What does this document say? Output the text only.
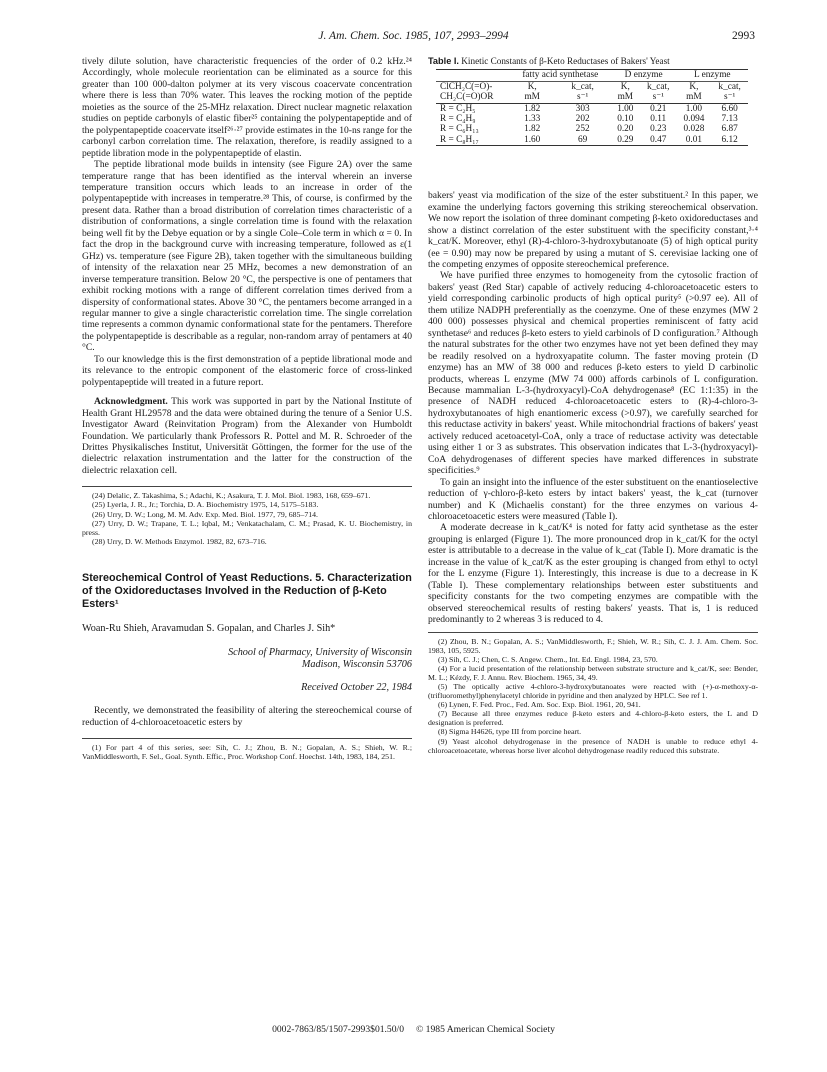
J. Am. Chem. Soc. 1985, 107, 2993–2994	2993

tively dilute solution, have characteristic frequencies of the order of 0.2 kHz.²⁴ Accordingly, whole molecule reorientation can be eliminated as a source for this greater than 100 000-dalton polymer at its very viscous coacervate concentration where there is less than 70% water. This leaves the rocking motion of the peptide moieties as the source of the 25-MHz relaxation. Direct nuclear magnetic relaxation studies on peptide carbonyls of elastic fiber²⁵ containing the polypentapeptide and of the polypentapeptide coacervate itself²⁶·²⁷ provide estimates in the 10-ns range for the carbonyl carbon correlation time. The relaxation, therefore, is readily assigned to a peptide libration mode in the polypentapeptide of elastin.

The peptide librational mode builds in intensity (see Figure 2A) over the same temperature range that has been identified as the interval wherein an inverse temperature transition occurs which leads to an increase in order of the polypentapeptide with increases in temperatre.²⁸ This, of course, is confirmed by the present data. Rather than a broad distribution of correlation times characteristic of a distribution of conformations, a single correlation time is found with the relaxation being well fit by the Debye equation or by a single Cole–Cole term in which α = 0. In fact the drop in the background curve with increasing temperature, followed as ε(1 GHz) vs. temperature (see Figure 2B), taken together with the simultaneous building of intensity of the relaxation near 25 MHz, becomes a new demonstration of an inverse temperature transition. Below 20 °C, the perspective is one of pentamers that exhibit rocking motions with a range of different correlation times derived from a dispersity of conformational states. Above 30 °C, the pentamers become arranged in a regular manner to give a single characteristic correlation time. The single correlation time represents a common dynamic conformational state for the pentamers. Therefore the polypentapeptide is describable as a regular, non-random array of pentamers at 40 °C.

To our knowledge this is the first demonstration of a peptide librational mode and its relevance to the entropic component of the elastomeric force of cross-linked polypentapeptide will treated in a future report.

Acknowledgment. This work was supported in part by the National Institute of Health Grant HL29578 and the data were obtained during the tenure of a Senior U.S. Investigator Award (Reinvitation Program) from the Alexander von Humboldt Foundation. We particularly thank Professors R. Pottel and M. R. Schroeder of the Drittes Physikalisches Institut, Universität Göttingen, the former for the use of the dielectric relaxation instrumentation and the latter for the construction of the dielectric relaxation cell.

(24) Delalic, Z. Takashima, S.; Adachi, K.; Asakura, T. J. Mol. Biol. 1983, 168, 659–671.
(25) Lyerla, J. R., Jr.; Torchia, D. A. Biochemistry 1975, 14, 5175–5183.
(26) Urry, D. W.; Long, M. M. Adv. Exp. Med. Biol. 1977, 79, 685–714.
(27) Urry, D. W.; Trapane, T. L.; Iqbal, M.; Venkatachalam, C. M.; Prasad, K. U. Biochemistry, in press.
(28) Urry, D. W. Methods Enzymol. 1982, 82, 673–716.
Stereochemical Control of Yeast Reductions. 5. Characterization of the Oxidoreductases Involved in the Reduction of β-Keto Esters¹
Woan-Ru Shieh, Aravamudan S. Gopalan, and Charles J. Sih*
School of Pharmacy, University of Wisconsin
Madison, Wisconsin 53706
Received October 22, 1984

Recently, we demonstrated the feasibility of altering the stereochemical course of reduction of 4-chloroacetoacetic esters by

(1) For part 4 of this series, see: Sih, C. J.; Zhou, B. N.; Gopalan, A. S.; Shieh, W. R.; VanMiddlesworth, F. Sel., Goal. Synth. Effic., Proc. Workshop Conf. Hoechst. 14th, 1983, 184, 251.
Table I. Kinetic Constants of β-Keto Reductases of Bakers' Yeast
	fatty acid synthetase		D enzyme		L enzyme	
ClCH₂C(=O)-	K,	k_cat,	K,	k_cat,	K,	k_cat,
CH₂C(=O)OR	mM	s⁻¹	mM	s⁻¹	mM	s⁻¹
R = C₂H₅	1.82	303	1.00	0.21	1.00	6.60
R = C₄H₉	1.33	202	0.10	0.11	0.094	7.13
R = C₆H₁₃	1.82	252	0.20	0.23	0.028	6.87
R = C₈H₁₇	1.60	69	0.29	0.47	0.01	6.12

bakers' yeast via modification of the size of the ester substituent.² In this paper, we examine the underlying factors governing this striking stereochemical observation. We now report the isolation of three dominant competing β-keto oxidoreductases and show a distinct correlation of the ester substituent with the specificity constant,³·⁴ k_cat/K. Moreover, ethyl (R)-4-chloro-3-hydroxybutanoate (5) of high optical purity (ee = 0.90) may now be prepared by using a mutant of S. cerevisiae lacking one of the competing enzymes of opposite stereochemical preference.

We have purified three enzymes to homogeneity from the cytosolic fraction of bakers' yeast (Red Star) capable of actively reducing 4-chloroacetoacetic esters to yield corresponding carbinolic products of high optical purity⁵ (>0.97 ee). All of them utilize NADPH preferentially as the coenzyme. One of these enzymes (MW 2 400 000) possesses physical and chemical properties reminiscent of fatty acid synthetase⁶ and reduces β-keto esters to yield carbinols of D configuration.⁷ Although the natural substrates for the other two enzymes have not yet been defined they may be readily resolved on a hydroxyapatite column. The faster moving protein (D enzyme) has an MW of 38 000 and reduces β-keto esters to yield D carbinolic products, whereas L enzyme (MW 74 000) affords carbinols of L configuration. Because mammalian L-3-(hydroxyacyl)-CoA dehydrogenase⁸ (EC 1:1:35) in the presence of NADH reduced 4-chloroacetoacetic esters to (R)-4-chloro-3-hydroxybutanoates of high enantiomeric excess (>0.97), we carefully searched for this reductase activity in bakers' yeast. While mitochondrial fractions of bakers' yeast actively reduced acetoacetyl-CoA, only a trace of reductase activity was detectable using either 1 or 3 as substrates. This observation indicates that L-3-(hydroxyacyl)-CoA dehydrogenases of different species have marked differences in substrate specificities.⁹

To gain an insight into the influence of the ester substituent on the enantioselective reduction of γ-chloro-β-keto esters by intact bakers' yeast, the k_cat (turnover number) and K (Michaelis constant) for the three enzymes on various 4-chloroacetoacetic esters were measured (Table I).

A moderate decrease in k_cat/K⁴ is noted for fatty acid synthetase as the ester grouping is enlarged (Figure 1). The more pronounced drop in k_cat/K for the octyl ester is attributable to a decrease in the value of k_cat (Table I). More dramatic is the increase in the value of k_cat/K as the ester grouping is changed from ethyl to octyl for the L enzyme (Figure 1). Interestingly, this increase is due to a decrease in K (Table I). These complementary relationships between ester substituents and specificity constants for the two competing enzymes are compatible with the observed stereochemical results of resting bakers' yeasts. That is, 1 is reduced predominantly to 2 whereas 3 is reduced to 4.

(2) Zhou, B. N.; Gopalan, A. S.; VanMiddlesworth, F.; Shieh, W. R.; Sih, C. J. J. Am. Chem. Soc. 1983, 105, 5925.
(3) Sih, C. J.; Chen, C. S. Angew. Chem., Int. Ed. Engl. 1984, 23, 570.
(4) For a lucid presentation of the relationship between substrate structure and k_cat/K, see: Bender, M. L.; Kézdy, F. J. Annu. Rev. Biochem. 1965, 34, 49.
(5) The optically active 4-chloro-3-hydroxybutanoates were reacted with (+)-α-methoxy-α-(trifluoromethyl)phenylacetyl chloride in pyridine and then analyzed by HPLC. See ref 1.
(6) Lynen, F. Fed. Proc., Fed. Am. Soc. Exp. Biol. 1961, 20, 941.
(7) Because all three enzymes reduce β-keto esters and 4-chloro-β-keto esters, the L and D designation is preferred.
(8) Sigma H4626, type III from porcine heart.
(9) Yeast alcohol dehydrogenase in the presence of NADH is unable to reduce ethyl 4-chloroacetoacetate, whereas horse liver alcohol dehydrogenase readily reduced this substrate.
0002-7863/85/1507-2993$01.50/0 © 1985 American Chemical Society
